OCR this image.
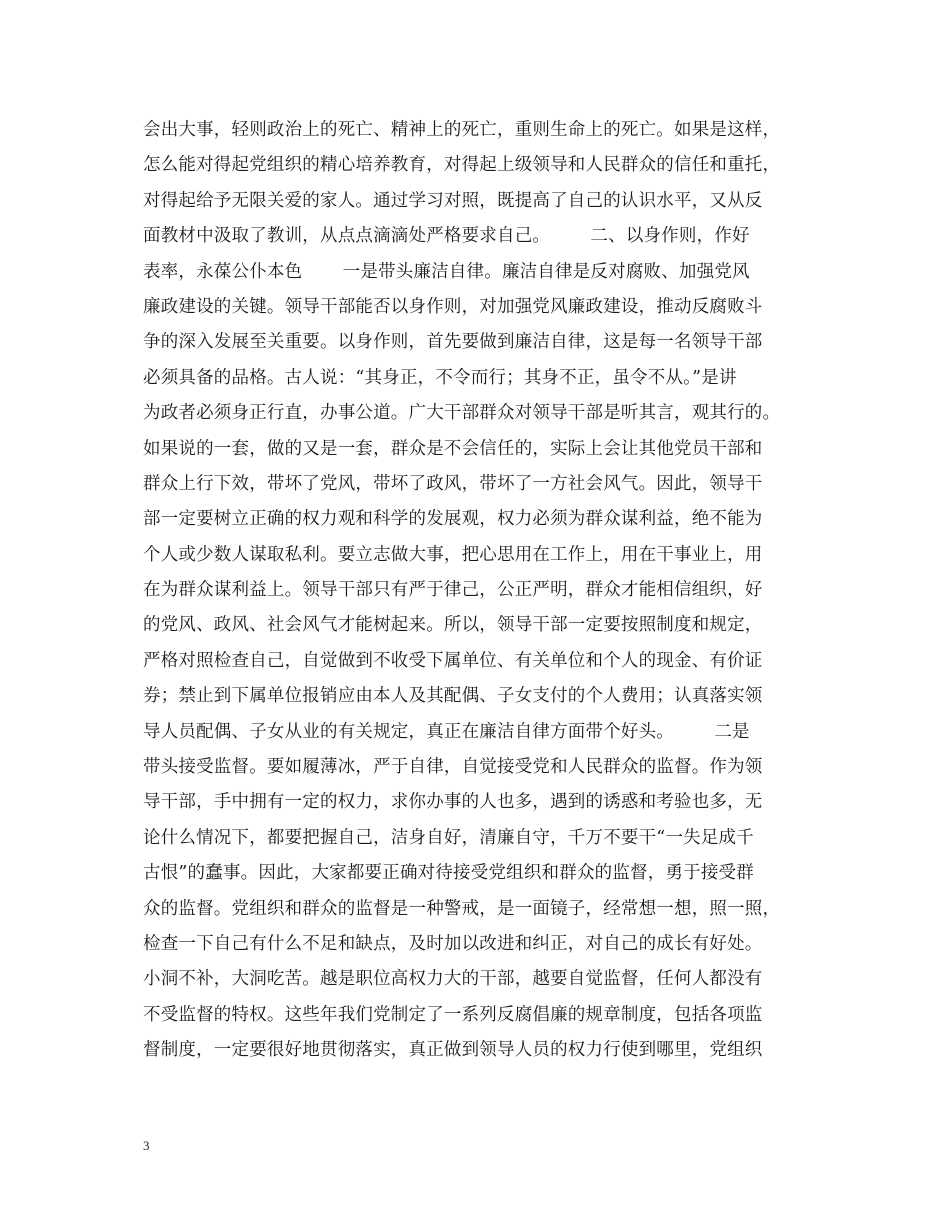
会出大事，轻则政治上的死亡、精神上的死亡，重则生命上的死亡。如果是这样，
怎么能对得起党组织的精心培养教育，对得起上级领导和人民群众的信任和重托，
对得起给予无限关爱的家人。通过学习对照，既提高了自己的认识水平，又从反
面教材中汲取了教训，从点点滴滴处严格要求自己。       二、以身作则，作好
表率，永葆公仆本色       一是带头廉洁自律。廉洁自律是反对腐败、加强党风
廉政建设的关键。领导干部能否以身作则，对加强党风廉政建设，推动反腐败斗
争的深入发展至关重要。以身作则，首先要做到廉洁自律，这是每一名领导干部
必须具备的品格。古人说：“其身正，不令而行；其身不正，虽令不从。”是讲
为政者必须身正行直，办事公道。广大干部群众对领导干部是听其言，观其行的。
如果说的一套，做的又是一套，群众是不会信任的，实际上会让其他党员干部和
群众上行下效，带坏了党风，带坏了政风，带坏了一方社会风气。因此，领导干
部一定要树立正确的权力观和科学的发展观，权力必须为群众谋利益，绝不能为
个人或少数人谋取私利。要立志做大事，把心思用在工作上，用在干事业上，用
在为群众谋利益上。领导干部只有严于律己，公正严明，群众才能相信组织，好
的党风、政风、社会风气才能树起来。所以，领导干部一定要按照制度和规定，
严格对照检查自己，自觉做到不收受下属单位、有关单位和个人的现金、有价证
券；禁止到下属单位报销应由本人及其配偶、子女支付的个人费用；认真落实领
导人员配偶、子女从业的有关规定，真正在廉洁自律方面带个好头。       二是
带头接受监督。要如履薄冰，严于自律，自觉接受党和人民群众的监督。作为领
导干部，手中拥有一定的权力，求你办事的人也多，遇到的诱惑和考验也多，无
论什么情况下，都要把握自己，洁身自好，清廉自守，千万不要干“一失足成千
古恨”的蠢事。因此，大家都要正确对待接受党组织和群众的监督，勇于接受群
众的监督。党组织和群众的监督是一种警戒，是一面镜子，经常想一想，照一照，
检查一下自己有什么不足和缺点，及时加以改进和纠正，对自己的成长有好处。
小洞不补，大洞吃苦。越是职位高权力大的干部，越要自觉监督，任何人都没有
不受监督的特权。这些年我们党制定了一系列反腐倡廉的规章制度，包括各项监
督制度，一定要很好地贯彻落实，真正做到领导人员的权力行使到哪里，党组织
3
